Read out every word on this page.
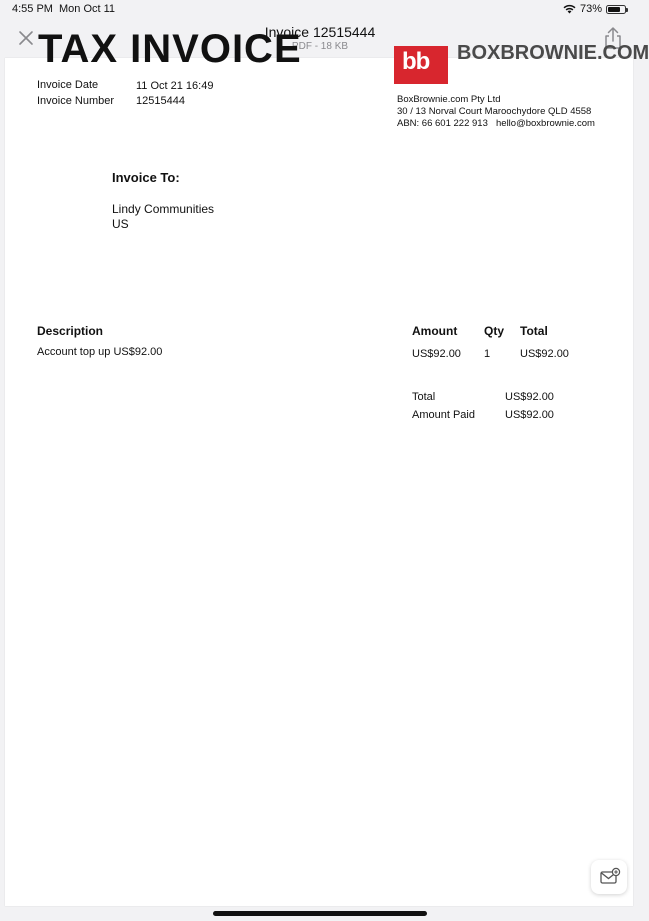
4:55 PM Mon Oct 11	73%
Invoice 12515444
PDF - 18 KB
TAX INVOICE	bb BOXBROWNIE.COM
Invoice Date	11 Oct 21 16:49
Invoice Number 12515444	BoxBrownie.com Pty Ltd
30 / 13 Norval Court Maroochydore QLD 4558
ABN: 66 601 222 913 hello@boxbrownie.com
Invoice To:
Lindy Communities
US
Description	Amount Qty Total
Account top up US$92.00	US$92.00 1	US$92.00
Total	US$92.00
Amount Paid	US$92.00
